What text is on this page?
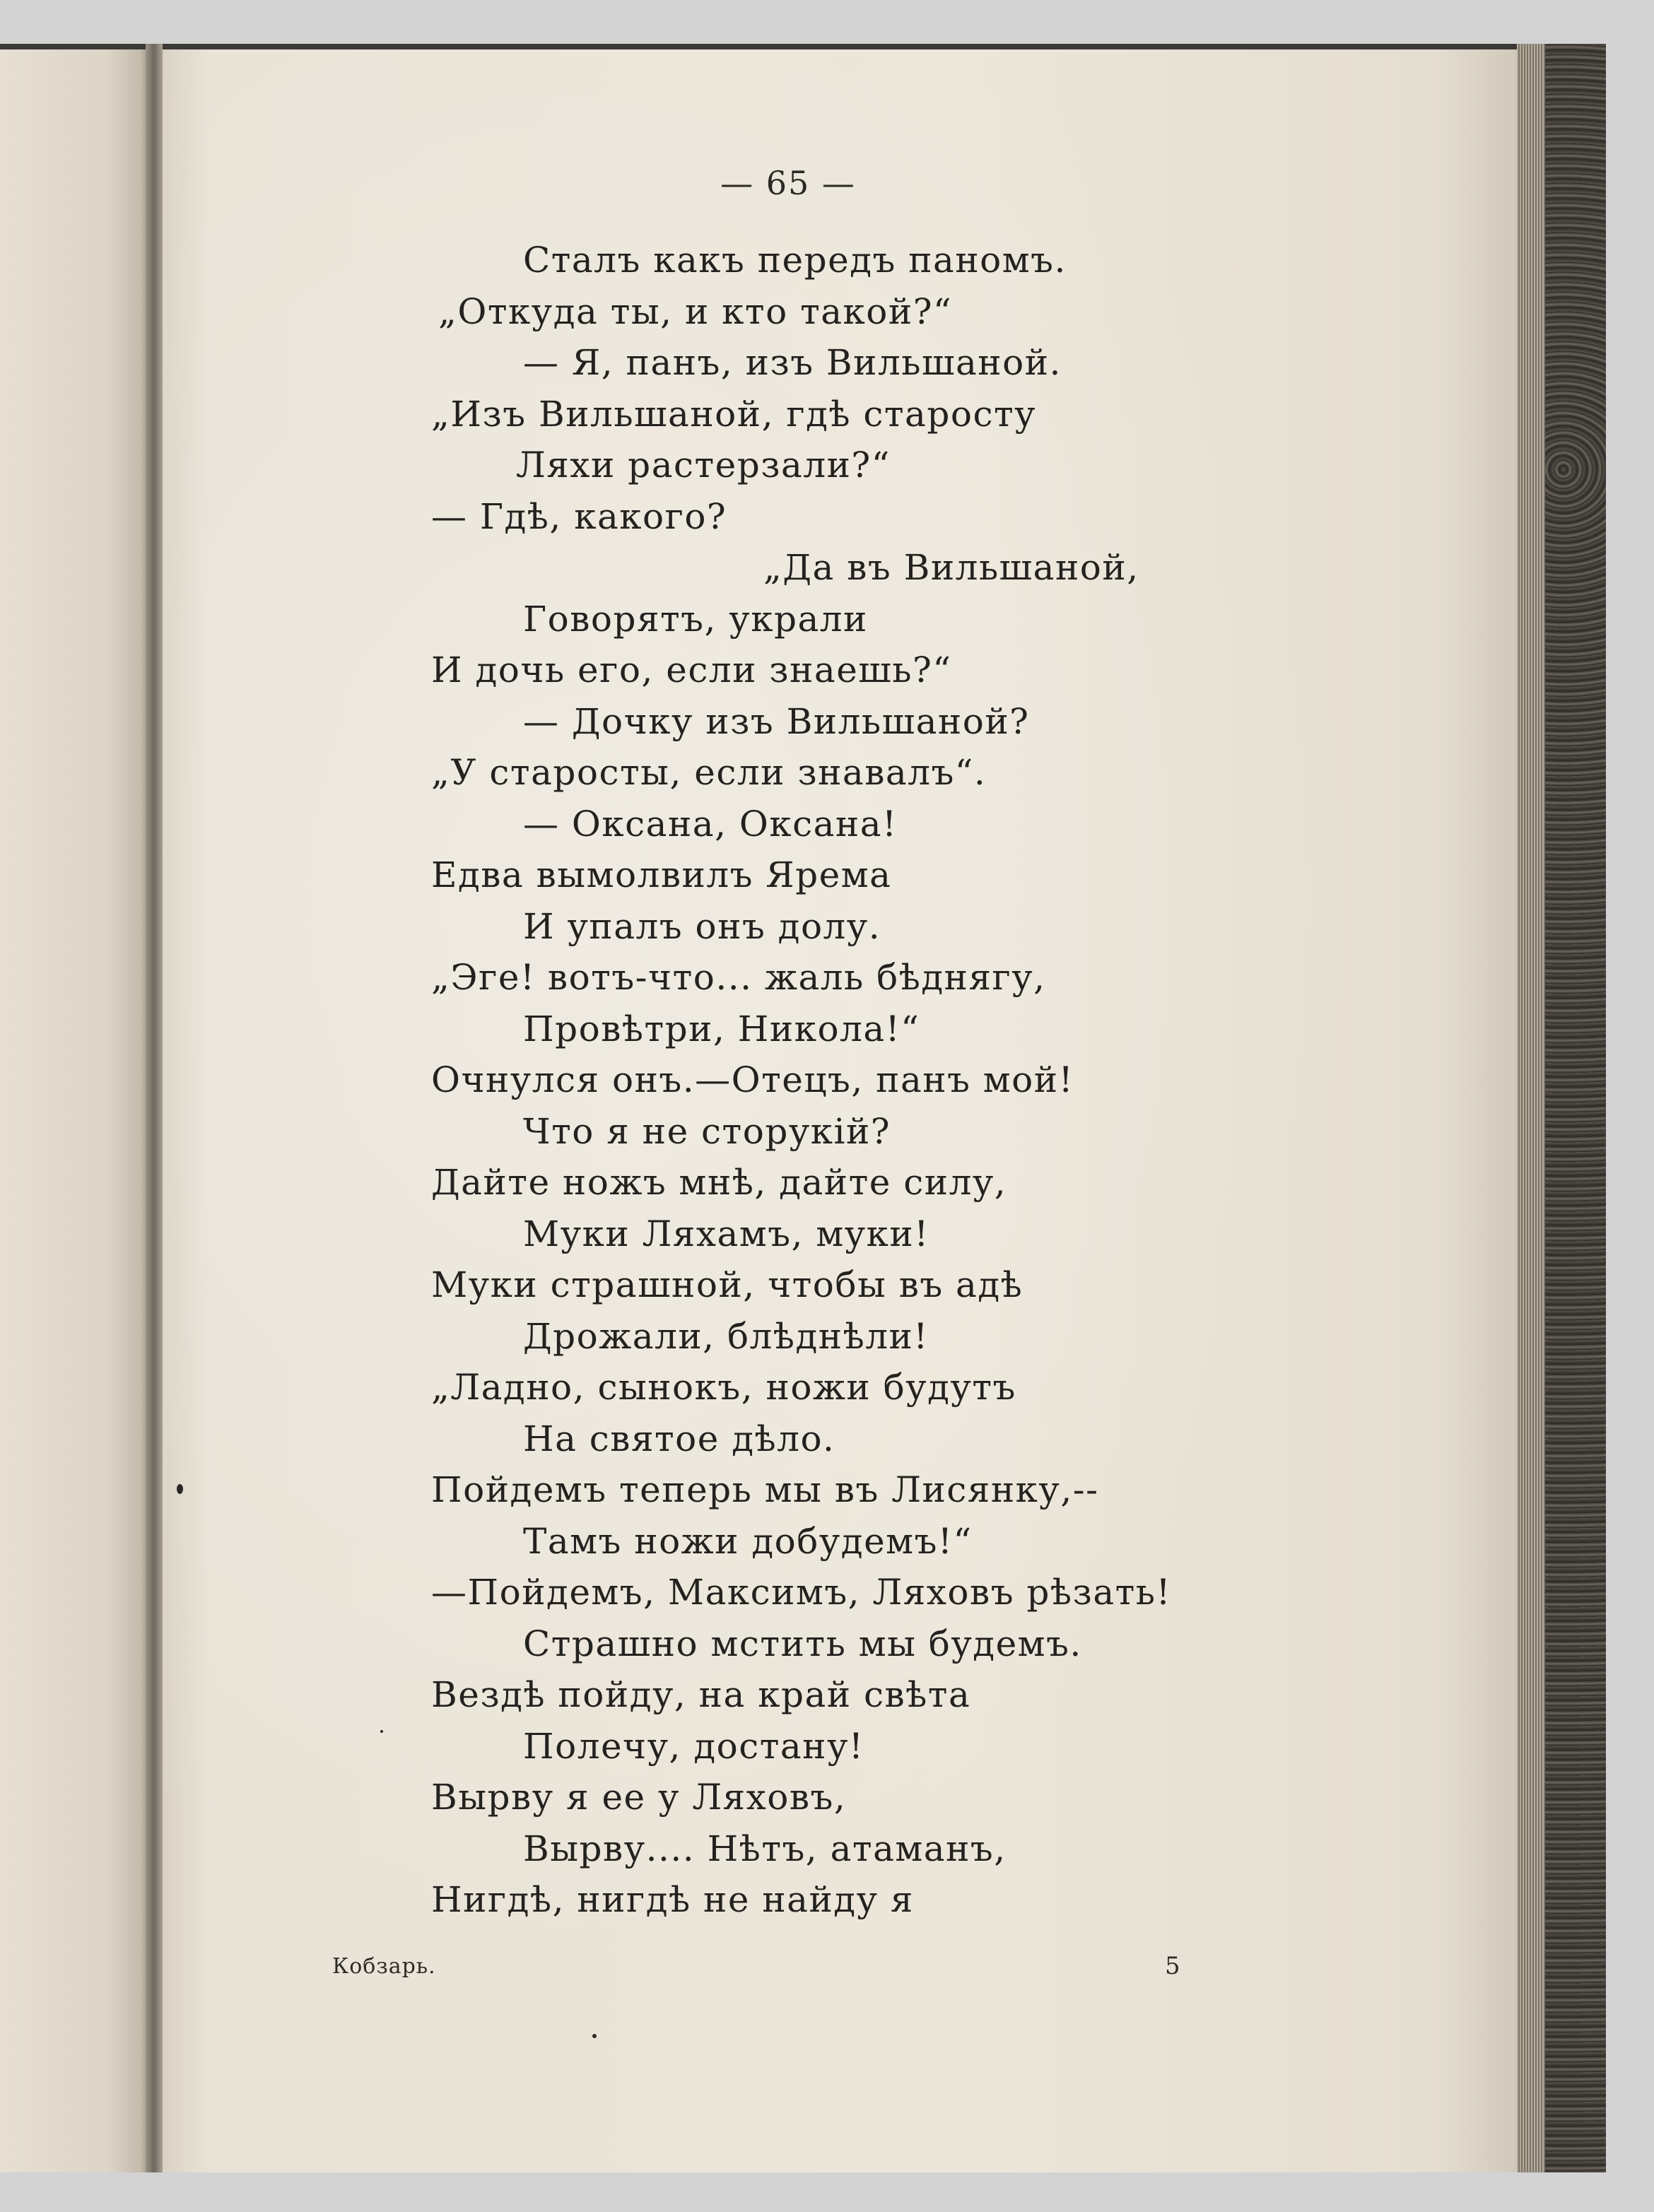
— 65 —
Сталъ какъ передъ паномъ.
„Откуда ты, и кто такой?“
— Я, панъ, изъ Вильшаной.
„Изъ Вильшаной, гдѣ старосту
Ляхи растерзали?“
— Гдѣ, какого?
„Да въ Вильшаной,
Говорятъ, украли
И дочь его, если знаешь?“
— Дочку изъ Вильшаной?
„У старосты, если знавалъ“.
— Оксана, Оксана!
Едва вымолвилъ Ярема
И упалъ онъ долу.
„Эге! вотъ-что... жаль бѣднягу,
Провѣтри, Никола!“
Очнулся онъ.—Отецъ, панъ мой!
Что я не сторукій?
Дайте ножъ мнѣ, дайте силу,
Муки Ляхамъ, муки!
Муки страшной, чтобы въ адѣ
Дрожали, блѣднѣли!
„Ладно, сынокъ, ножи будутъ
На святое дѣло.
Пойдемъ теперь мы въ Лисянку,--
Тамъ ножи добудемъ!“
—Пойдемъ, Максимъ, Ляховъ рѣзать!
Страшно мстить мы будемъ.
Вездѣ пойду, на край свѣта
Полечу, достану!
Вырву я ее у Ляховъ,
Вырву.... Нѣтъ, атаманъ,
Нигдѣ, нигдѣ не найду я
Кобзарь.	5
